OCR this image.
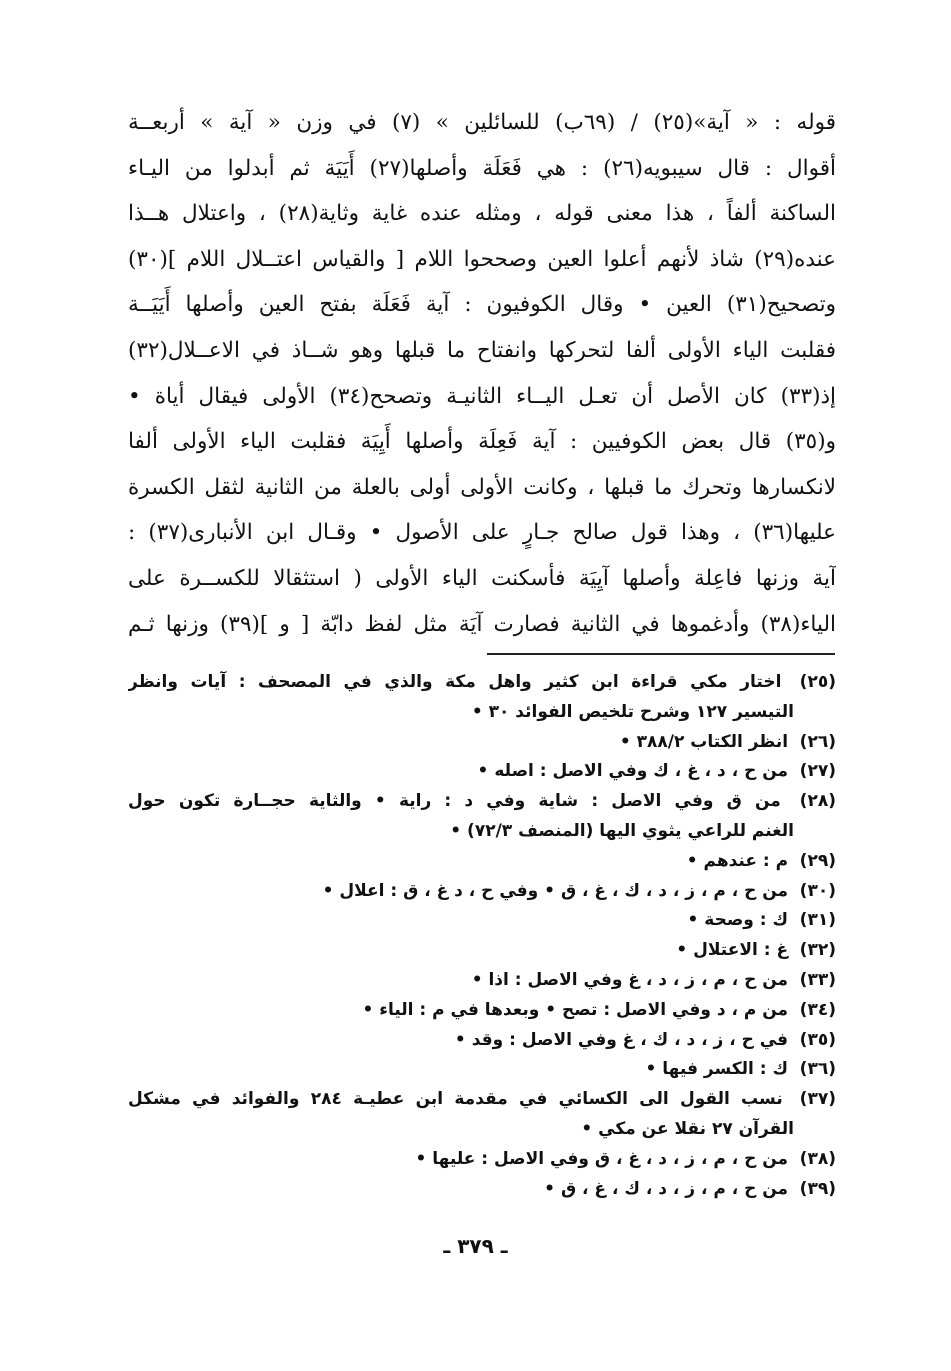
قوله : « آية»(٢٥) / (٦٩ب) للسائلين » (٧) في وزن « آية » أربعــة
أقوال : قال سيبويه(٢٦) : هي فَعَلَة وأصلها(٢٧) أَيَيَة ثم أبدلوا من اليـاء
الساكنة ألفاً ، هذا معنى قوله ، ومثله عنده غاية وثاية(٢٨) ، واعتلال هــذا
عنده(٢٩) شاذ لأنهم أعلوا العين وصححوا اللام [ والقياس اعتــلال اللام ](٣٠)
وتصحيح(٣١) العين • وقال الكوفيون : آية فَعَلَة بفتح العين وأصلها أَيَيَــة
فقلبت الياء الأولى ألفا لتحركها وانفتاح ما قبلها وهو شــاذ في الاعــلال(٣٢)
إذ(٣٣) كان الأصل أن تعـل اليــاء الثانيـة وتصحح(٣٤) الأولى فيقال أياة •
و(٣٥) قال بعض الكوفيين : آية فَعِلَة وأصلها أَيِيَة فقلبت الياء الأولى ألفا
لانكسارها وتحرك ما قبلها ، وكانت الأولى أولى بالعلة من الثانية لثقل الكسرة
عليها(٣٦) ، وهذا قول صالح جـارٍ على الأصول • وقـال ابن الأنبارى(٣٧) :
آية وزنها فاعِلة وأصلها آيِيَة فأسكنت الياء الأولى ( استثقالا للكســرة على
الياء(٣٨) وأدغموها في الثانية فصارت آيَة مثل لفظ دابّة [ و ](٣٩) وزنها ثـم
(٢٥) اختار مكي قراءة ابن كثير واهل مكة والذي في المصحف : آيات وانظر
التيسير ١٢٧ وشرح تلخيص الفوائد ٣٠ •
(٢٦) انظر الكتاب ٣٨٨/٢ •
(٢٧) من ح ، د ، غ ، ك وفي الاصل : اصله •
(٢٨) من ق وفي الاصل : شاية وفي د : راية • والثاية حجــارة تكون حول
الغنم للراعي يثوي اليها (المنصف ٧٢/٣) •
(٢٩) م : عندهم •
(٣٠) من ح ، م ، ز ، د ، ك ، غ ، ق • وفي ح ، د غ ، ق : اعلال •
(٣١) ك : وصحة •
(٣٢) غ : الاعتلال •
(٣٣) من ح ، م ، ز ، د ، غ وفي الاصل : اذا •
(٣٤) من م ، د وفي الاصل : تصح • وبعدها في م : الياء •
(٣٥) في ح ، ز ، د ، ك ، غ وفي الاصل : وقد •
(٣٦) ك : الكسر فيها •
(٣٧) نسب القول الى الكسائي في مقدمة ابن عطيـة ٢٨٤ والفوائد في مشكل
القرآن ٢٧ نقلا عن مكي •
(٣٨) من ح ، م ، ز ، د ، غ ، ق وفي الاصل : عليها •
(٣٩) من ح ، م ، ز ، د ، ك ، غ ، ق •
ـ ٣٧٩ ـ
